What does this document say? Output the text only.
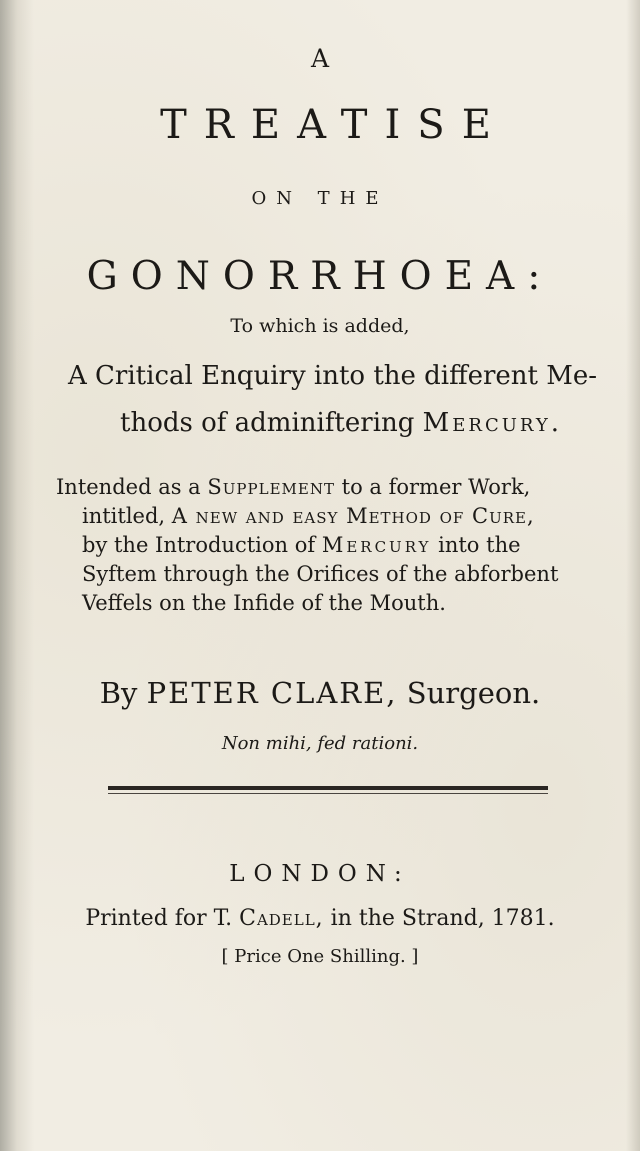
A
TREATISE
ON THE
GONORRHOEA:
To which is added,
A Critical Enquiry into the different Me-
thods of adminiftering Mercury.
Intended as a Supplement to a former Work,
intitled, A new and easy Method of Cure,
by the Introduction of Mercury into the
Syftem through the Orifices of the abforbent
Veffels on the Infide of the Mouth.
By PETER CLARE, Surgeon.
Non mihi, fed rationi.
LONDON:
Printed for T. Cadell, in the Strand, 1781.
[ Price One Shilling. ]
